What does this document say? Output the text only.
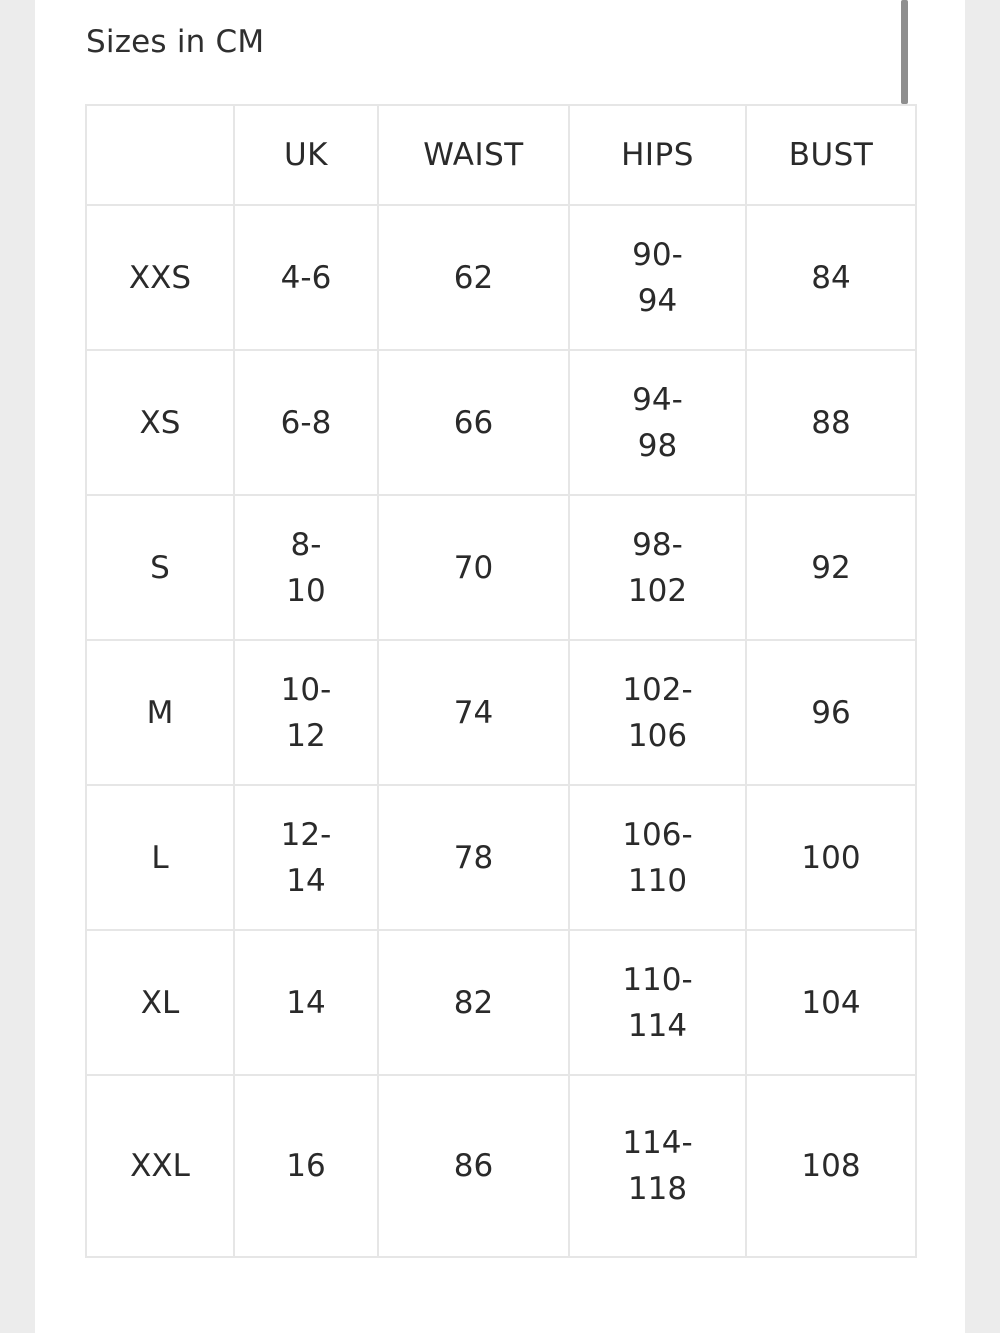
Sizes in CM
	UK	WAIST	HIPS	BUST
XXS	4-6	62	90-94	84
XS	6-8	66	94-98	88
S	8-10	70	98-102	92
M	10-12	74	102-106	96
L	12-14	78	106-110	100
XL	14	82	110-114	104
XXL	16	86	114-118	108
